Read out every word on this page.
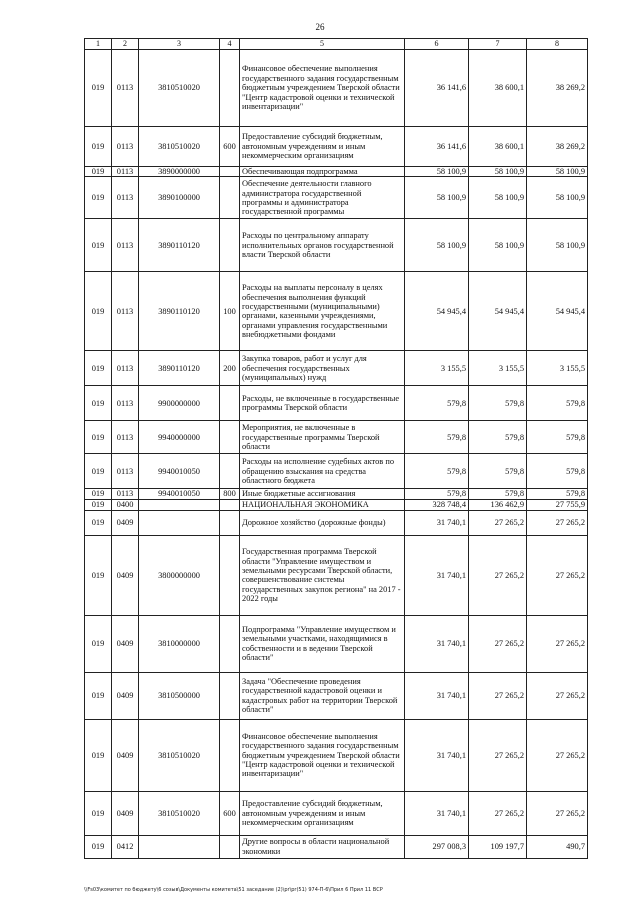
26
1	2	3	4	5	6	7	8
019	0113	3810510020		Финансовое обеспечение выполнения государственного задания государственным бюджетным учреждением Тверской области "Центр кадастровой оценки и технической инвентаризации"	36 141,6	38 600,1	38 269,2
019	0113	3810510020	600	Предоставление субсидий бюджетным, автономным учреждениям и иным некоммерческим организациям	36 141,6	38 600,1	38 269,2
019	0113	3890000000		Обеспечивающая подпрограмма	58 100,9	58 100,9	58 100,9
019	0113	3890100000		Обеспечение деятельности главного администратора государственной программы и администратора государственной программы	58 100,9	58 100,9	58 100,9
019	0113	3890110120		Расходы по центральному аппарату исполнительных органов государственной власти Тверской области	58 100,9	58 100,9	58 100,9
019	0113	3890110120	100	Расходы на выплаты персоналу в целях обеспечения выполнения функций государственными (муниципальными) органами, казенными учреждениями, органами управления государственными внебюджетными фондами	54 945,4	54 945,4	54 945,4
019	0113	3890110120	200	Закупка товаров, работ и услуг для обеспечения государственных (муниципальных) нужд	3 155,5	3 155,5	3 155,5
019	0113	9900000000		Расходы, не включенные в государственные программы Тверской области	579,8	579,8	579,8
019	0113	9940000000		Мероприятия, не включенные в государственные программы Тверской области	579,8	579,8	579,8
019	0113	9940010050		Расходы на исполнение судебных актов по обращению взыскания на средства областного бюджета	579,8	579,8	579,8
019	0113	9940010050	800	Иные бюджетные ассигнования	579,8	579,8	579,8
019	0400			НАЦИОНАЛЬНАЯ ЭКОНОМИКА	328 748,4	136 462,9	27 755,9
019	0409			Дорожное хозяйство (дорожные фонды)	31 740,1	27 265,2	27 265,2
019	0409	3800000000		Государственная программа Тверской области "Управление имуществом и земельными ресурсами Тверской области, совершенствование системы государственных закупок региона" на 2017 - 2022 годы	31 740,1	27 265,2	27 265,2
019	0409	3810000000		Подпрограмма "Управление имуществом и земельными участками, находящимися в собственности и в ведении Тверской области"	31 740,1	27 265,2	27 265,2
019	0409	3810500000		Задача "Обеспечение проведения государственной кадастровой оценки и кадастровых работ на территории Тверской области"	31 740,1	27 265,2	27 265,2
019	0409	3810510020		Финансовое обеспечение выполнения государственного задания государственным бюджетным учреждением Тверской области "Центр кадастровой оценки и технической инвентаризации"	31 740,1	27 265,2	27 265,2
019	0409	3810510020	600	Предоставление субсидий бюджетным, автономным учреждениям и иным некоммерческим организациям	31 740,1	27 265,2	27 265,2
019	0412			Другие вопросы в области национальной экономики	297 008,3	109 197,7	490,7
\\Fs03\комитет по бюджету\6 созыв\Документы комитета\51 заседание (2)\pr\pr(51) 974-П-6\Прил 6 Прил 11 ВСР
